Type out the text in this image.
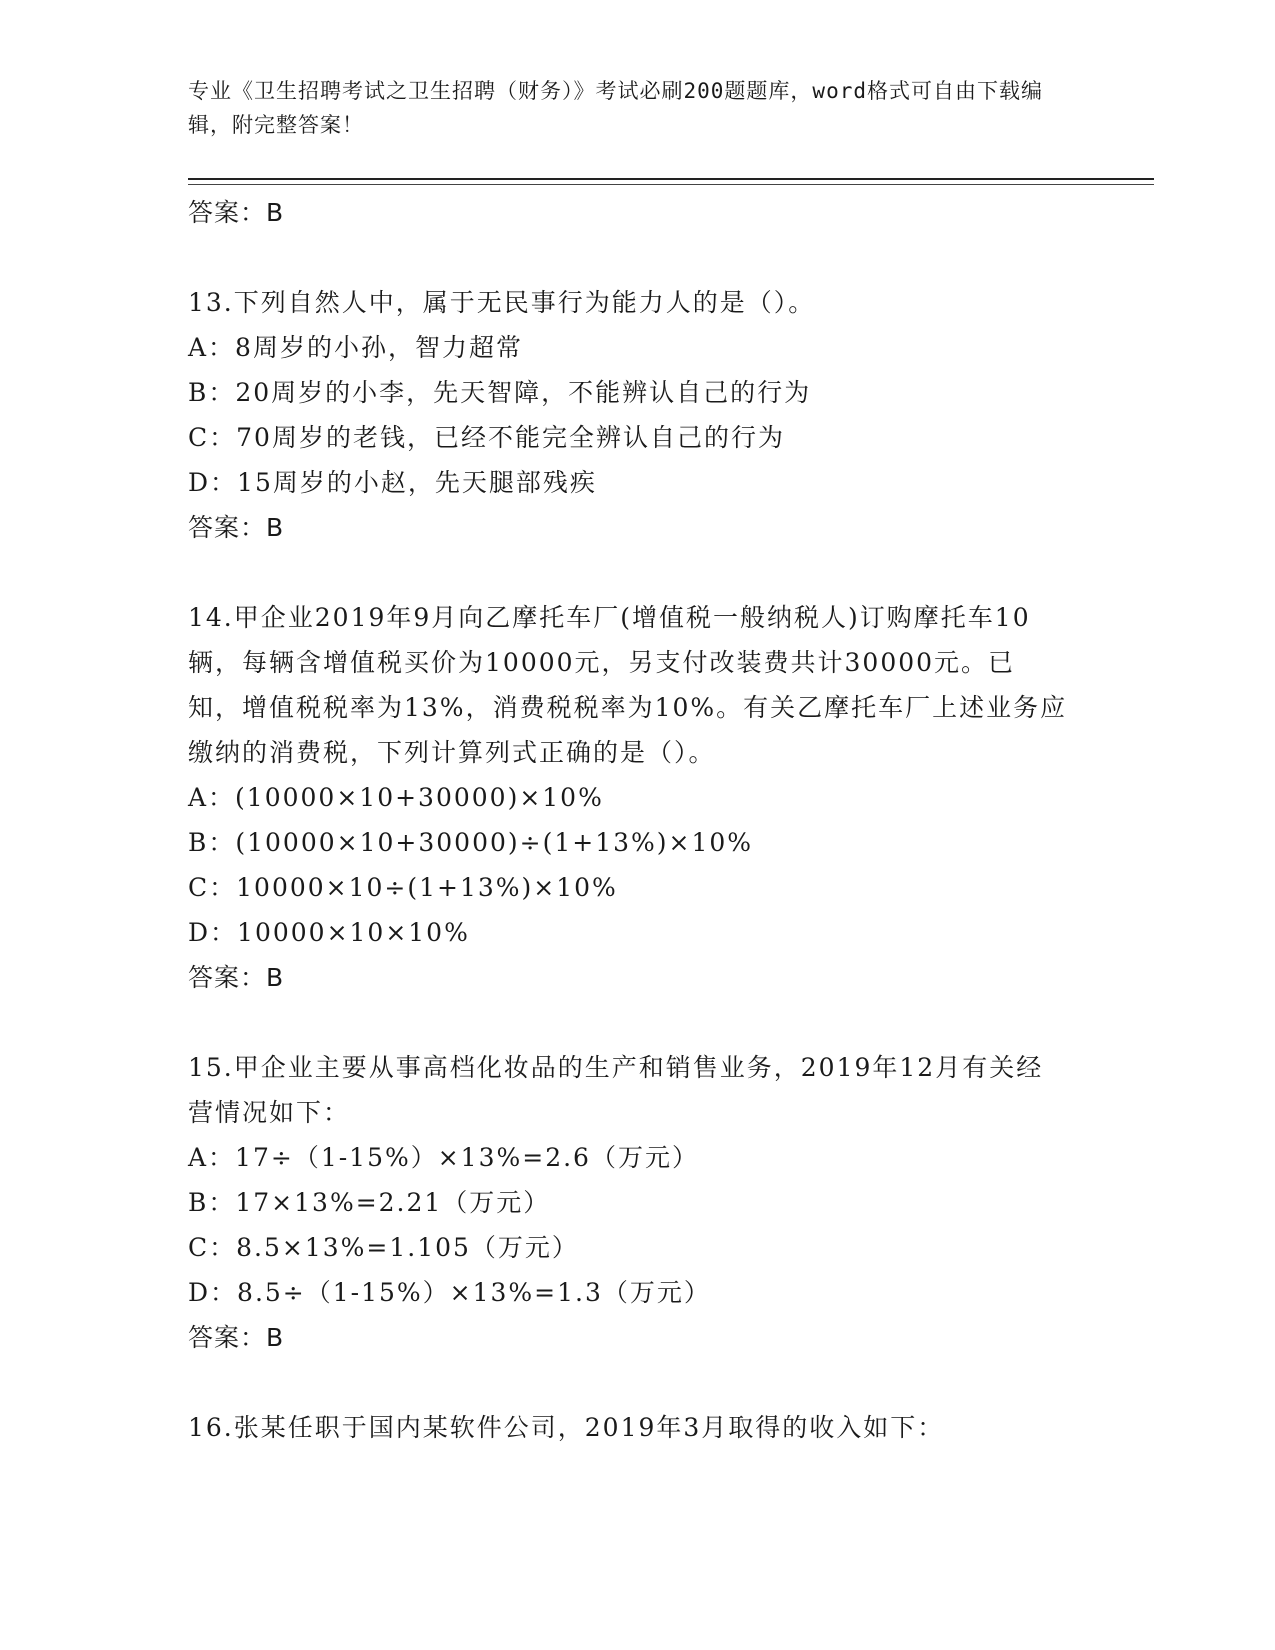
专业《卫生招聘考试之卫生招聘（财务）》考试必刷200题题库，word格式可自由下载编辑，附完整答案！
答案：B
13.下列自然人中，属于无民事行为能力人的是（）。
A：8周岁的小孙，智力超常
B：20周岁的小李，先天智障，不能辨认自己的行为
C：70周岁的老钱，已经不能完全辨认自己的行为
D：15周岁的小赵，先天腿部残疾
答案：B
14.甲企业2019年9月向乙摩托车厂(增值税一般纳税人)订购摩托车10辆，每辆含增值税买价为10000元，另支付改装费共计30000元。已知，增值税税率为13%，消费税税率为10%。有关乙摩托车厂上述业务应缴纳的消费税，下列计算列式正确的是（）。
A：(10000×10+30000)×10%
B：(10000×10+30000)÷(1+13%)×10%
C：10000×10÷(1+13%)×10%
D：10000×10×10%
答案：B
15.甲企业主要从事高档化妆品的生产和销售业务，2019年12月有关经营情况如下：
A：17÷（1-15%）×13%=2.6（万元）
B：17×13%=2.21（万元）
C：8.5×13%=1.105（万元）
D：8.5÷（1-15%）×13%=1.3（万元）
答案：B
16.张某任职于国内某软件公司，2019年3月取得的收入如下：
